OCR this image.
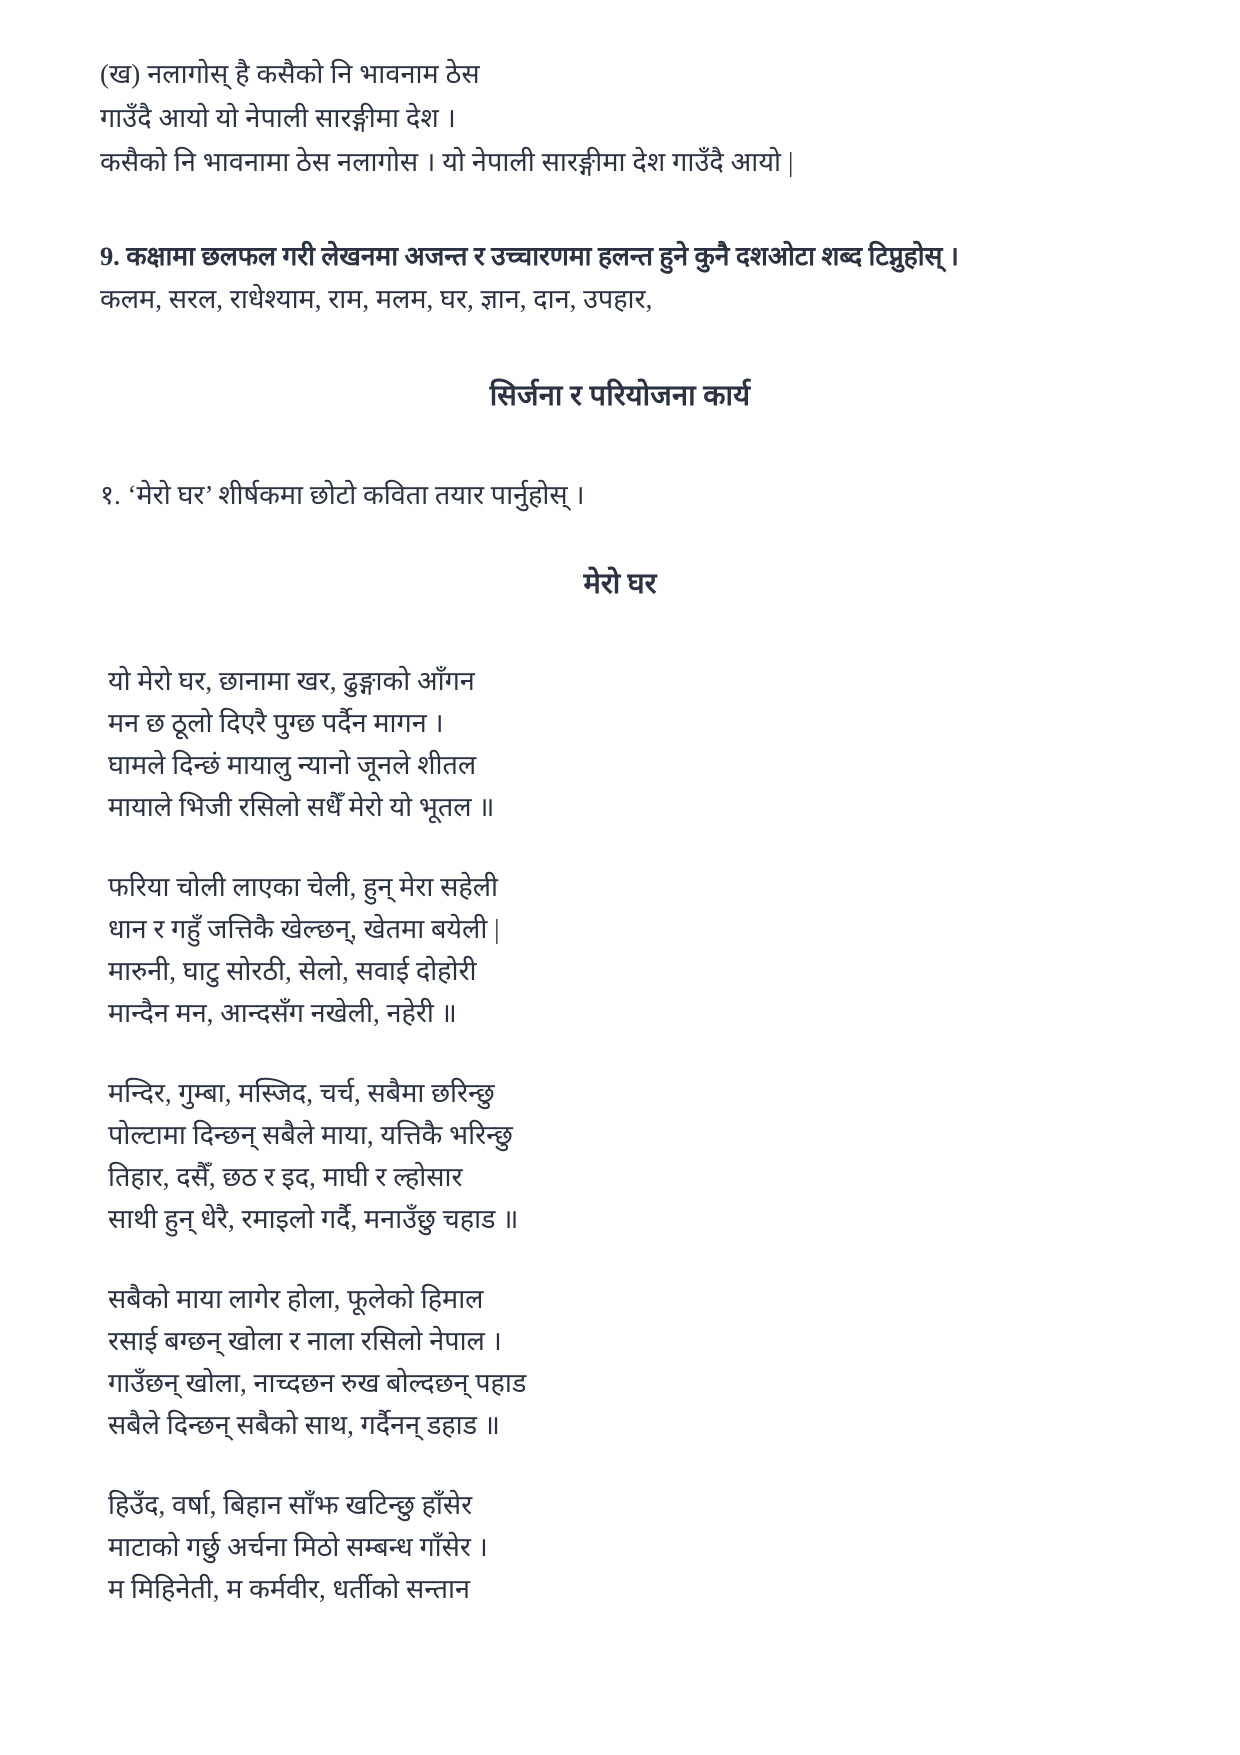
(ख) नलागोस् है कसैको नि भावनाम ठेस
गाउँदै आयो यो नेपाली सारङ्गीमा देश ।
कसैको नि भावनामा ठेस नलागोस । यो नेपाली सारङ्गीमा देश गाउँदै आयो |
9. कक्षामा छलफल गरी लेखनमा अजन्त र उच्चारणमा हलन्त हुने कुनै दशओटा शब्द टिप्नुहोस् ।
कलम, सरल, राधेश्याम, राम, मलम, घर, ज्ञान, दान, उपहार,
सिर्जना र परियोजना कार्य
१. ‘मेरो घर’ शीर्षकमा छोटो कविता तयार पार्नुहोस् ।
मेरो घर
यो मेरो घर, छानामा खर, ढुङ्गाको आँगन
मन छ ठूलो दिएरै पुग्छ पर्दैन मागन ।
घामले दिन्छं मायालु न्यानो जूनले शीतल
मायाले भिजी रसिलो सधैँ मेरो यो भूतल ॥
फरिया चोली लाएका चेली, हुन् मेरा सहेली
धान र गहुँ जत्तिकै खेल्छन्, खेतमा बयेली |
मारुनी, घाटु सोरठी, सेलो, सवाई दोहोरी
मान्दैन मन, आन्दसँग नखेली, नहेरी ॥
मन्दिर, गुम्बा, मस्जिद, चर्च, सबैमा छरिन्छु
पोल्टामा दिन्छन् सबैले माया, यत्तिकै भरिन्छु
तिहार, दसैँ, छठ र इद, माघी र ल्होसार
साथी हुन् धेरै, रमाइलो गर्दै, मनाउँछु चहाड ॥
सबैको माया लागेर होला, फूलेको हिमाल
रसाई बग्छन् खोला र नाला रसिलो नेपाल ।
गाउँछन् खोला, नाच्दछन रुख बोल्दछन् पहाड
सबैले दिन्छन् सबैको साथ, गर्दैनन् डहाड ॥
हिउँद, वर्षा, बिहान साँझ खटिन्छु हाँसेर
माटाको गर्छु अर्चना मिठो सम्बन्ध गाँसेर ।
म मिहिनेती, म कर्मवीर, धर्तीको सन्तान
